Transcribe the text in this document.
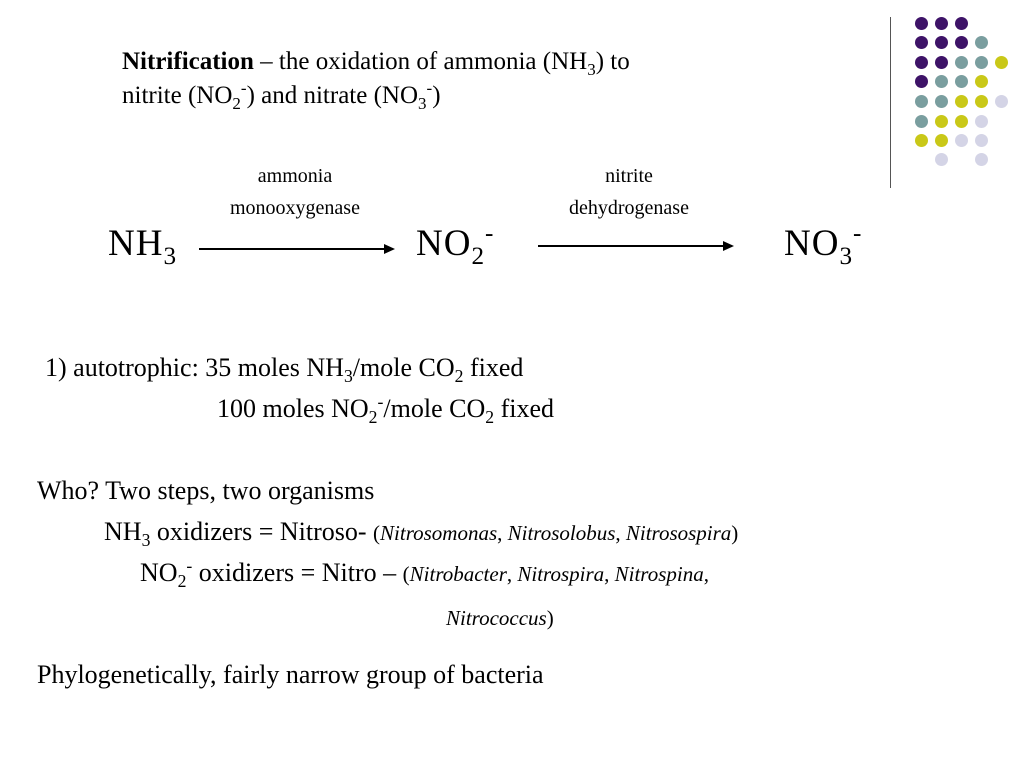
Nitrification – the oxidation of ammonia $(NH_3)$ to
nitrite $(NO_2^-)$ and nitrate $(NO_3^-)$
ammonia
monooxygenase
nitrite
dehydrogenase
$NH_3$	$NO_2^-$	$NO_3^-$
1) autotrophic: 35 moles $NH_3$/mole $CO_2$ fixed
100 moles $NO_2^-$/mole $CO_2$ fixed
Who? Two steps, two organisms
$NH_3$ oxidizers = Nitroso- (Nitrosomonas, Nitrosolobus, Nitrosospira)
$NO_2^-$ oxidizers = Nitro – (Nitrobacter, Nitrospira, Nitrospina,
Nitrococcus)
Phylogenetically, fairly narrow group of bacteria
